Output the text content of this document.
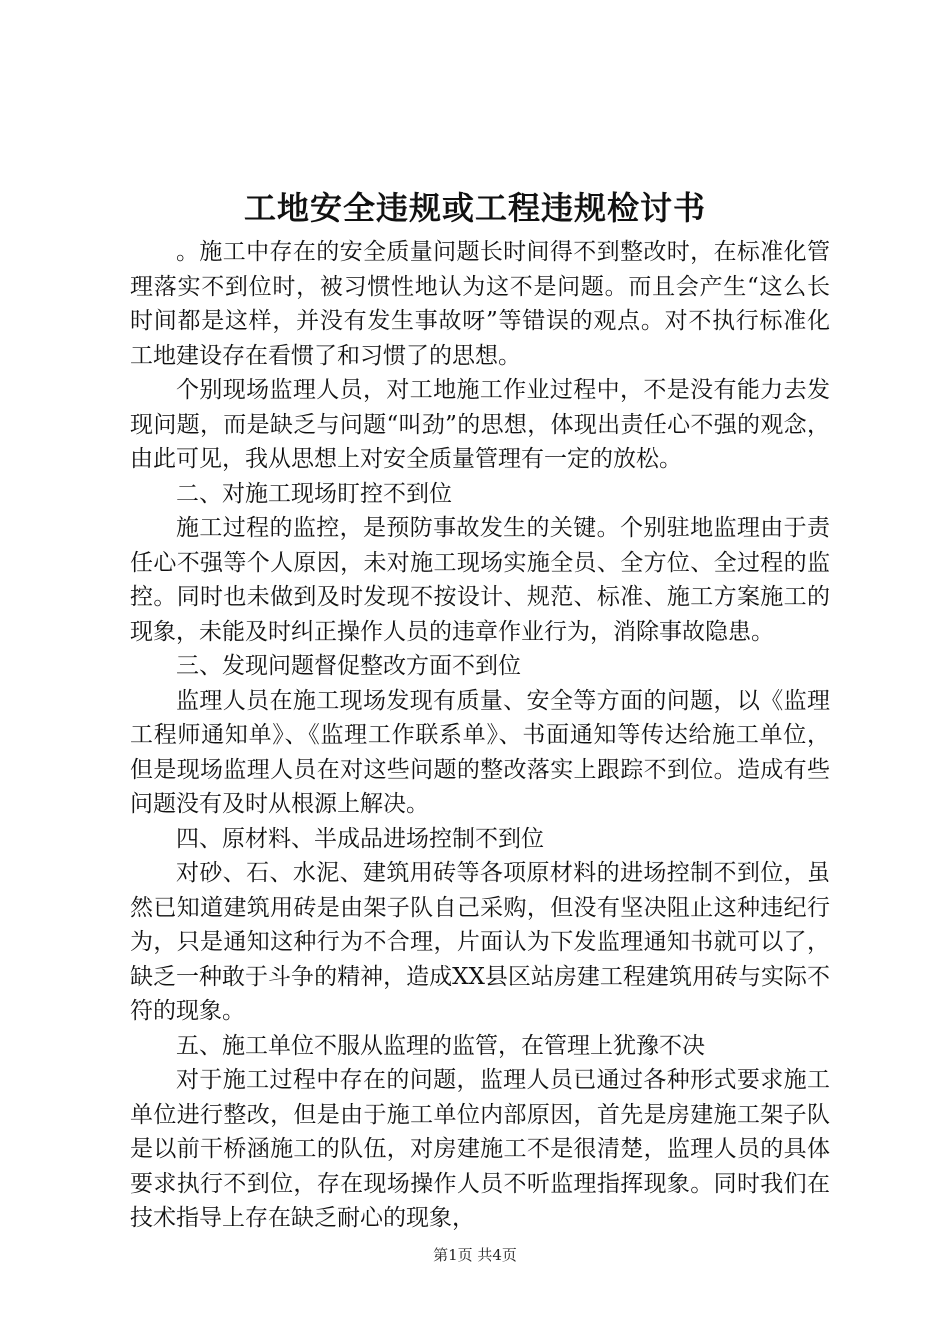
工地安全违规或工程违规检讨书

。施工中存在的安全质量问题长时间得不到整改时，在标准化管理落实不到位时，被习惯性地认为这不是问题。而且会产生“这么长时间都是这样，并没有发生事故呀”等错误的观点。对不执行标准化工地建设存在看惯了和习惯了的思想。

个别现场监理人员，对工地施工作业过程中，不是没有能力去发现问题，而是缺乏与问题“叫劲”的思想，体现出责任心不强的观念，由此可见，我从思想上对安全质量管理有一定的放松。

二、对施工现场盯控不到位

施工过程的监控，是预防事故发生的关键。个别驻地监理由于责任心不强等个人原因，未对施工现场实施全员、全方位、全过程的监控。同时也未做到及时发现不按设计、规范、标准、施工方案施工的现象，未能及时纠正操作人员的违章作业行为，消除事故隐患。

三、发现问题督促整改方面不到位

监理人员在施工现场发现有质量、安全等方面的问题，以《监理工程师通知单》、《监理工作联系单》、书面通知等传达给施工单位，但是现场监理人员在对这些问题的整改落实上跟踪不到位。造成有些问题没有及时从根源上解决。

四、原材料、半成品进场控制不到位

对砂、石、水泥、建筑用砖等各项原材料的进场控制不到位，虽然已知道建筑用砖是由架子队自己采购，但没有坚决阻止这种违纪行为，只是通知这种行为不合理，片面认为下发监理通知书就可以了，缺乏一种敢于斗争的精神，造成XX县区站房建工程建筑用砖与实际不符的现象。

五、施工单位不服从监理的监管，在管理上犹豫不决

对于施工过程中存在的问题，监理人员已通过各种形式要求施工单位进行整改，但是由于施工单位内部原因，首先是房建施工架子队是以前干桥涵施工的队伍，对房建施工不是很清楚，监理人员的具体要求执行不到位，存在现场操作人员不听监理指挥现象。同时我们在技术指导上存在缺乏耐心的现象，

第1页 共4页
